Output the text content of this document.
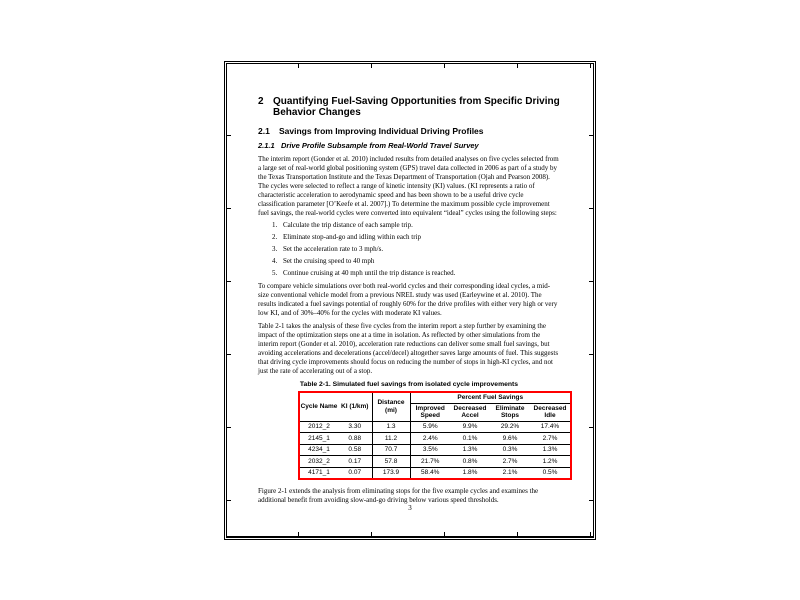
2 Quantifying Fuel-Saving Opportunities from Specific Driving Behavior Changes
2.1	Savings from Improving Individual Driving Profiles
2.1.1 Drive Profile Subsample from Real-World Travel Survey

The interim report (Gonder et al. 2010) included results from detailed analyses on five cycles selected from a large set of real-world global positioning system (GPS) travel data collected in 2006 as part of a study by the Texas Transportation Institute and the Texas Department of Transportation (Ojah and Pearson 2008). The cycles were selected to reflect a range of kinetic intensity (KI) values. (KI represents a ratio of characteristic acceleration to aerodynamic speed and has been shown to be a useful drive cycle classification parameter [O’Keefe et al. 2007].) To determine the maximum possible cycle improvement fuel savings, the real-world cycles were converted into equivalent “ideal” cycles using the following steps:

1. Calculate the trip distance of each sample trip.
2. Eliminate stop-and-go and idling within each trip
3. Set the acceleration rate to 3 mph/s.
4. Set the cruising speed to 40 mph
5. Continue cruising at 40 mph until the trip distance is reached.

To compare vehicle simulations over both real-world cycles and their corresponding ideal cycles, a mid-size conventional vehicle model from a previous NREL study was used (Earleywine et al. 2010). The results indicated a fuel savings potential of roughly 60% for the drive profiles with either very high or very low KI, and of 30%–40% for the cycles with moderate KI values.

Table 2-1 takes the analysis of these five cycles from the interim report a step further by examining the impact of the optimization steps one at a time in isolation. As reflected by other simulations from the interim report (Gonder et al. 2010), acceleration rate reductions can deliver some small fuel savings, but avoiding accelerations and decelerations (accel/decel) altogether saves large amounts of fuel. This suggests that driving cycle improvements should focus on reducing the number of stops in high-KI cycles, and not just the rate of accelerating out of a stop.

Table 2-1. Simulated fuel savings from isolated cycle improvements
Cycle Name	KI (1/km)	Distance (mi)	Percent Fuel Savings			
			Improved Speed	Decreased Accel	Eliminate Stops	Decreased Idle
2012_2	3.30	1.3	5.9%	9.9%	29.2%	17.4%
2145_1	0.88	11.2	2.4%	0.1%	9.6%	2.7%
4234_1	0.58	70.7	3.5%	1.3%	0.3%	1.3%
2032_2	0.17	57.8	21.7%	0.8%	2.7%	1.2%
4171_1	0.07	173.9	58.4%	1.8%	2.1%	0.5%

Figure 2-1 extends the analysis from eliminating stops for the five example cycles and examines the additional benefit from avoiding slow-and-go driving below various speed thresholds.

3
